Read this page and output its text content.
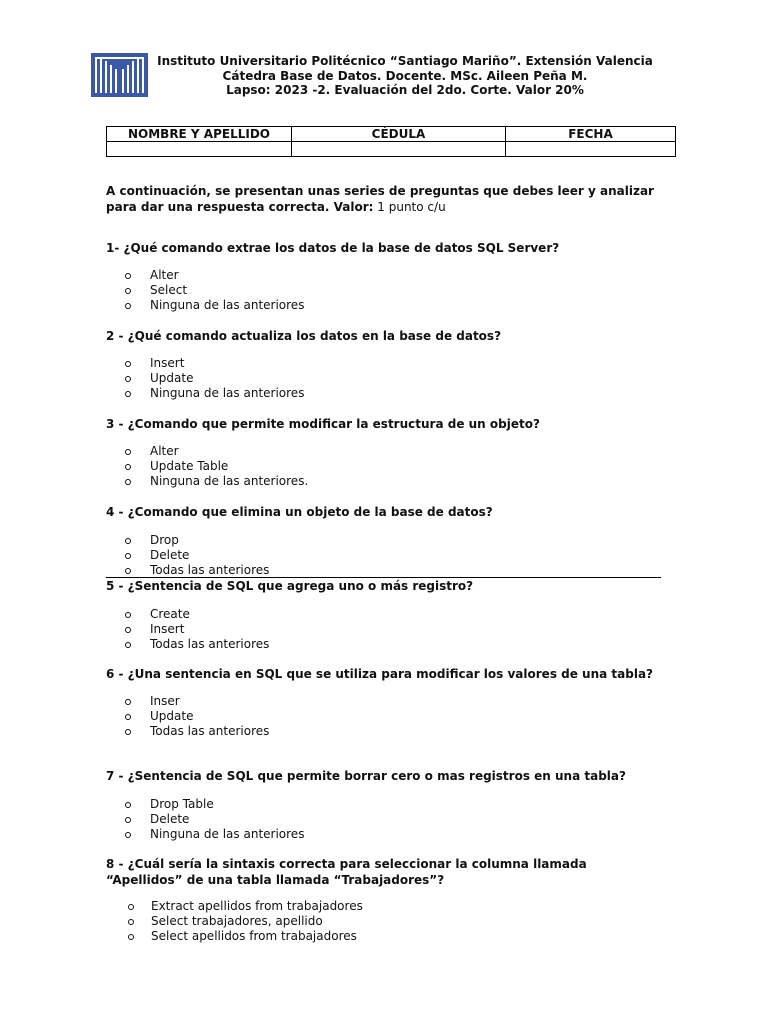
Instituto Universitario Politécnico “Santiago Mariño”. Extensión Valencia
Cátedra Base de Datos. Docente. MSc. Aileen Peña M.
Lapso: 2023 -2. Evaluación del 2do. Corte. Valor 20%
NOMBRE Y APELLIDO	CÉDULA	FECHA

A continuación, se presentan unas series de preguntas que debes leer y analizar para dar una respuesta correcta. Valor: 1 punto c/u
1- ¿Qué comando extrae los datos de la base de datos SQL Server?
Alter
Select
Ninguna de las anteriores
2 - ¿Qué comando actualiza los datos en la base de datos?
Insert
Update
Ninguna de las anteriores
3 - ¿Comando que permite modificar la estructura de un objeto?
Alter
Update Table
Ninguna de las anteriores.
4 - ¿Comando que elimina un objeto de la base de datos?
Drop
Delete
Todas las anteriores
5 - ¿Sentencia de SQL que agrega uno o más registro?
Create
Insert
Todas las anteriores
6 - ¿Una sentencia en SQL que se utiliza para modificar los valores de una tabla?
Inser
Update
Todas las anteriores
7 - ¿Sentencia de SQL que permite borrar cero o mas registros en una tabla?
Drop Table
Delete
Ninguna de las anteriores
8 - ¿Cuál sería la sintaxis correcta para seleccionar la columna llamada “Apellidos” de una tabla llamada “Trabajadores”?
Extract apellidos from trabajadores
Select trabajadores, apellido
Select apellidos from trabajadores
